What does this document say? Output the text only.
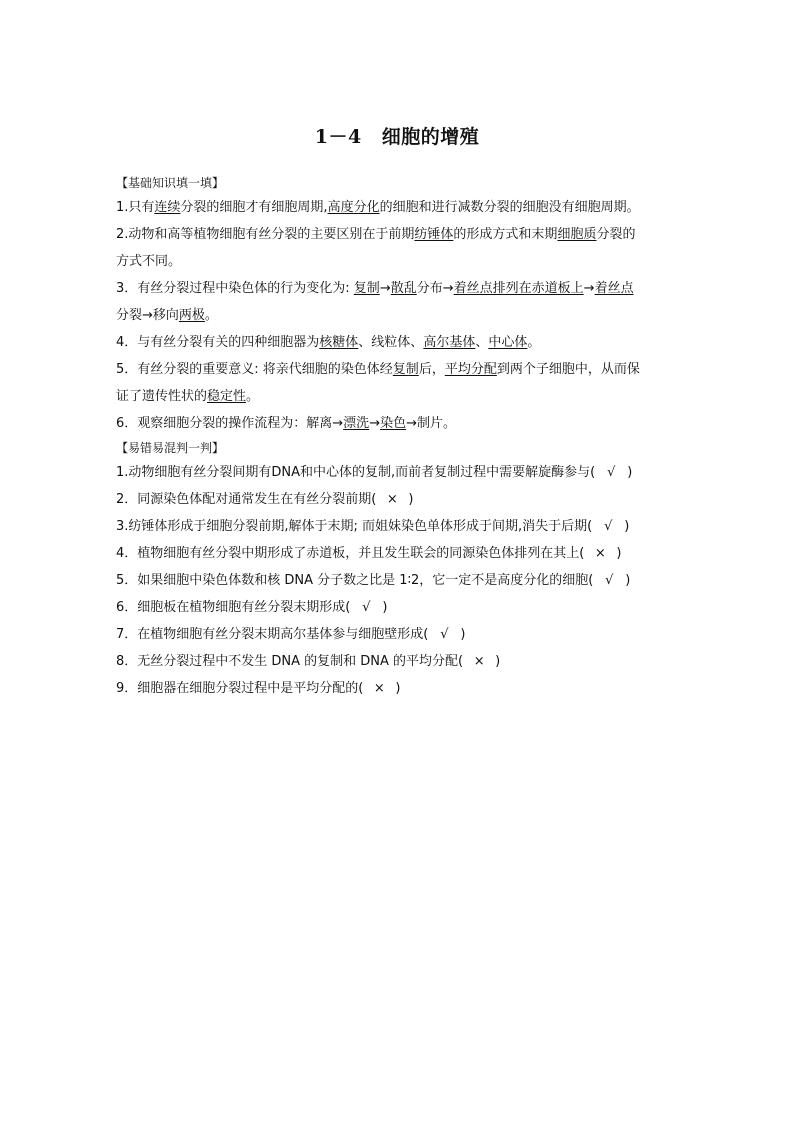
1－4 细胞的增殖
【基础知识填一填】
1.只有连续分裂的细胞才有细胞周期,高度分化的细胞和进行减数分裂的细胞没有细胞周期。
2.动物和高等植物细胞有丝分裂的主要区别在于前期纺锤体的形成方式和末期细胞质分裂的
方式不同。
3．有丝分裂过程中染色体的行为变化为: 复制→散乱分布→着丝点排列在赤道板上→着丝点
分裂→移向两极。
4．与有丝分裂有关的四种细胞器为核糖体、线粒体、高尔基体、中心体。
5．有丝分裂的重要意义: 将亲代细胞的染色体经复制后，平均分配到两个子细胞中，从而保
证了遗传性状的稳定性。
6．观察细胞分裂的操作流程为：解离→漂洗→染色→制片。
【易错易混判一判】
1.动物细胞有丝分裂间期有DNA和中心体的复制,而前者复制过程中需要解旋酶参与( √ )
2．同源染色体配对通常发生在有丝分裂前期( × )
3.纺锤体形成于细胞分裂前期,解体于末期; 而姐妹染色单体形成于间期,消失于后期( √ )
4．植物细胞有丝分裂中期形成了赤道板，并且发生联会的同源染色体排列在其上( × )
5．如果细胞中染色体数和核 DNA 分子数之比是 1∶2，它一定不是高度分化的细胞( √ )
6．细胞板在植物细胞有丝分裂末期形成( √ )
7．在植物细胞有丝分裂末期高尔基体参与细胞壁形成( √ )
8．无丝分裂过程中不发生 DNA 的复制和 DNA 的平均分配( × )
9．细胞器在细胞分裂过程中是平均分配的( × )
